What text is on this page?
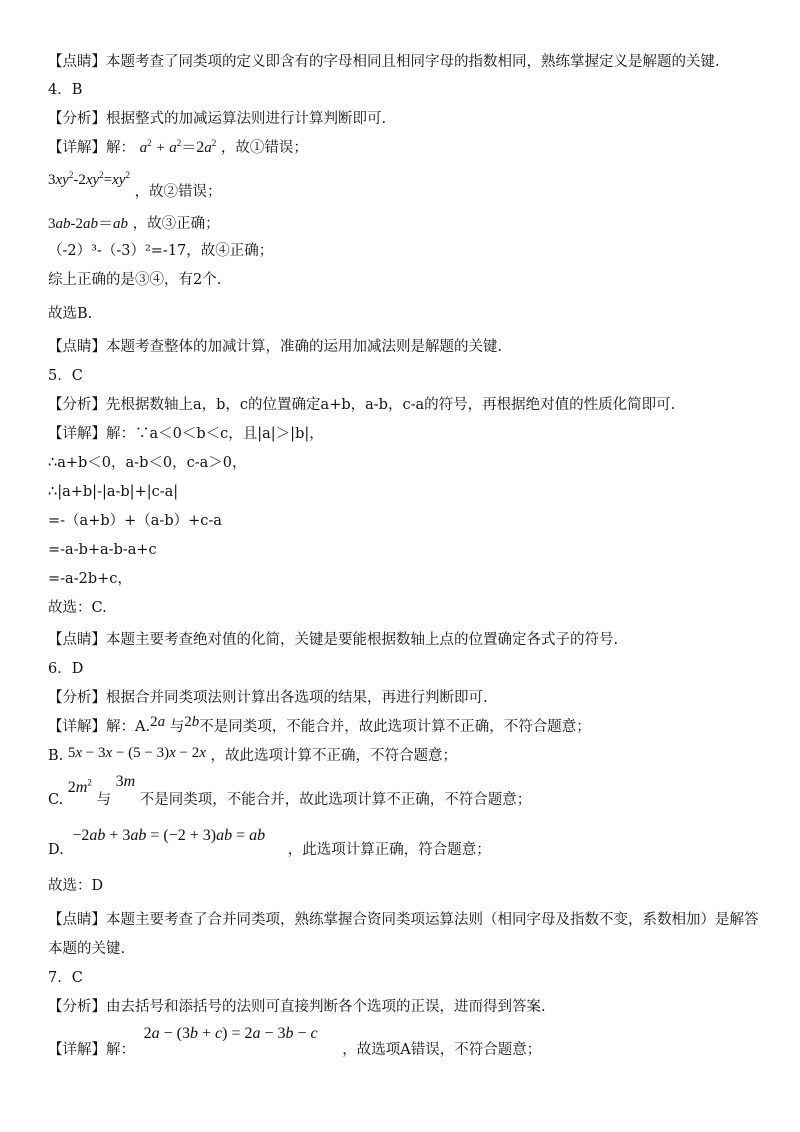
【点睛】本题考查了同类项的定义即含有的字母相同且相同字母的指数相同，熟练掌握定义是解题的关键.
4．B
【分析】根据整式的加减运算法则进行计算判断即可.
【详解】解： $a^2 + a^2=2a^2$ ，故①错误；
$3xy^2-2xy^2=xy^2$ ，故②错误；
3ab-2ab＝ab ，故③正确；
（-2）³-（-3）²=-17，故④正确；
综上正确的是③④，有2个.
故选B.
【点睛】本题考查整体的加减计算，准确的运用加减法则是解题的关键.
5．C
【分析】先根据数轴上a，b，c的位置确定a+b，a-b，c-a的符号，再根据绝对值的性质化简即可.
【详解】解：∵a＜0＜b＜c，且|a|＞|b|，
∴a+b＜0，a-b＜0，c-a＞0，
∴|a+b|-|a-b|+|c-a|
=-（a+b）+（a-b）+c-a
=-a-b+a-b-a+c
=-a-2b+c，
故选：C.
【点睛】本题主要考查绝对值的化简，关键是要能根据数轴上点的位置确定各式子的符号.
6．D
【分析】根据合并同类项法则计算出各选项的结果，再进行判断即可.
【详解】解：A.2a 与2b不是同类项，不能合并，故此选项计算不正确，不符合题意；
B. 5x − 3x − (5 − 3)x − 2x ，故此选项计算不正确，不符合题意；
C. $2m^2$ 与 3m 不是同类项，不能合并，故此选项计算不正确，不符合题意；
D. −2ab + 3ab = (−2 + 3)ab = ab ，此选项计算正确，符合题意；
故选：D
【点睛】本题主要考查了合并同类项，熟练掌握合资同类项运算法则（相同字母及指数不变，系数相加）是解答
本题的关键.
7．C
【分析】由去括号和添括号的法则可直接判断各个选项的正误，进而得到答案.
【详解】解： 2a − (3b + c) = 2a − 3b − c ，故选项A错误，不符合题意；
